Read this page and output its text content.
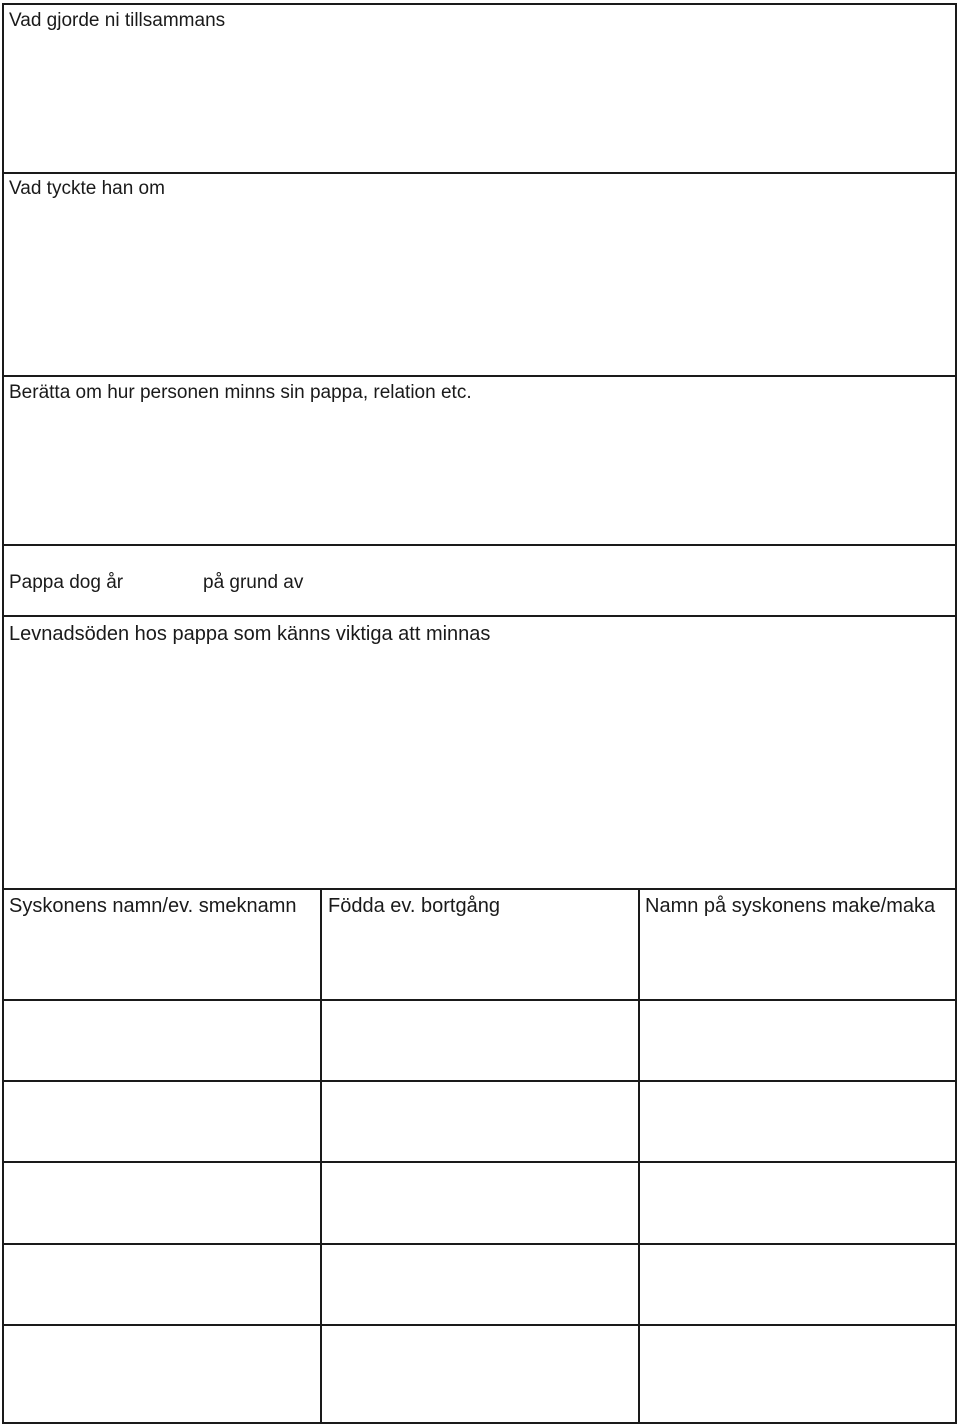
Vad gjorde ni tillsammans
Vad tyckte han om
Berätta om hur personen minns sin pappa, relation etc.
Pappa dog år	på grund av
Levnadsöden hos pappa som känns viktiga att minnas
Syskonens namn/ev. smeknamn Födda ev. bortgång	Namn på syskonens make/maka
